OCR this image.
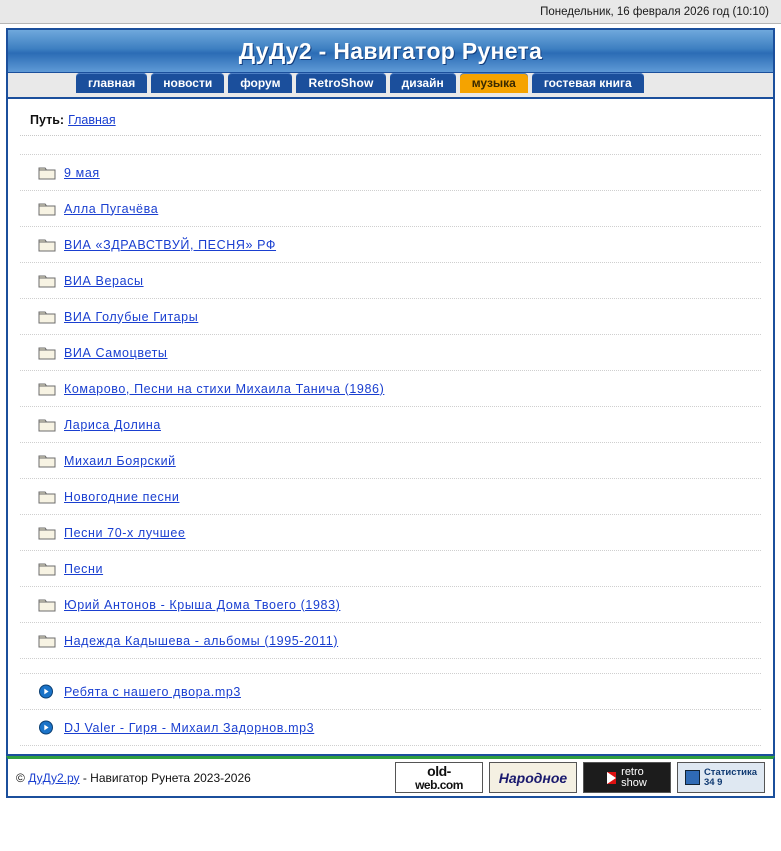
Понедельник, 16 февраля 2026 год (10:10)
ДуДу2 - Навигатор Рунета
главная	новости	форум	RetroShow	дизайн	музыка	гостевая книга
Путь: Главная
9 мая
Алла Пугачёва
ВИА «ЗДРАВСТВУЙ, ПЕСНЯ» РФ
ВИА Верасы
ВИА Голубые Гитары
ВИА Самоцветы
Комарово, Песни на стихи Михаила Танича (1986)
Лариса Долина
Михаил Боярский
Новогодние песни
Песни 70-х лучшее
Песни
Юрий Антонов - Крыша Дома Твоего (1983)
Надежда Кадышева - альбомы (1995-2011)
Ребята с нашего двора.mp3
DJ Valer - Гиря - Михаил Задорнов.mp3
© ДуДу2.ру - Навигатор Рунета 2023-2026	old-
web.com	Народное	retro
show
Статистика
34 9
